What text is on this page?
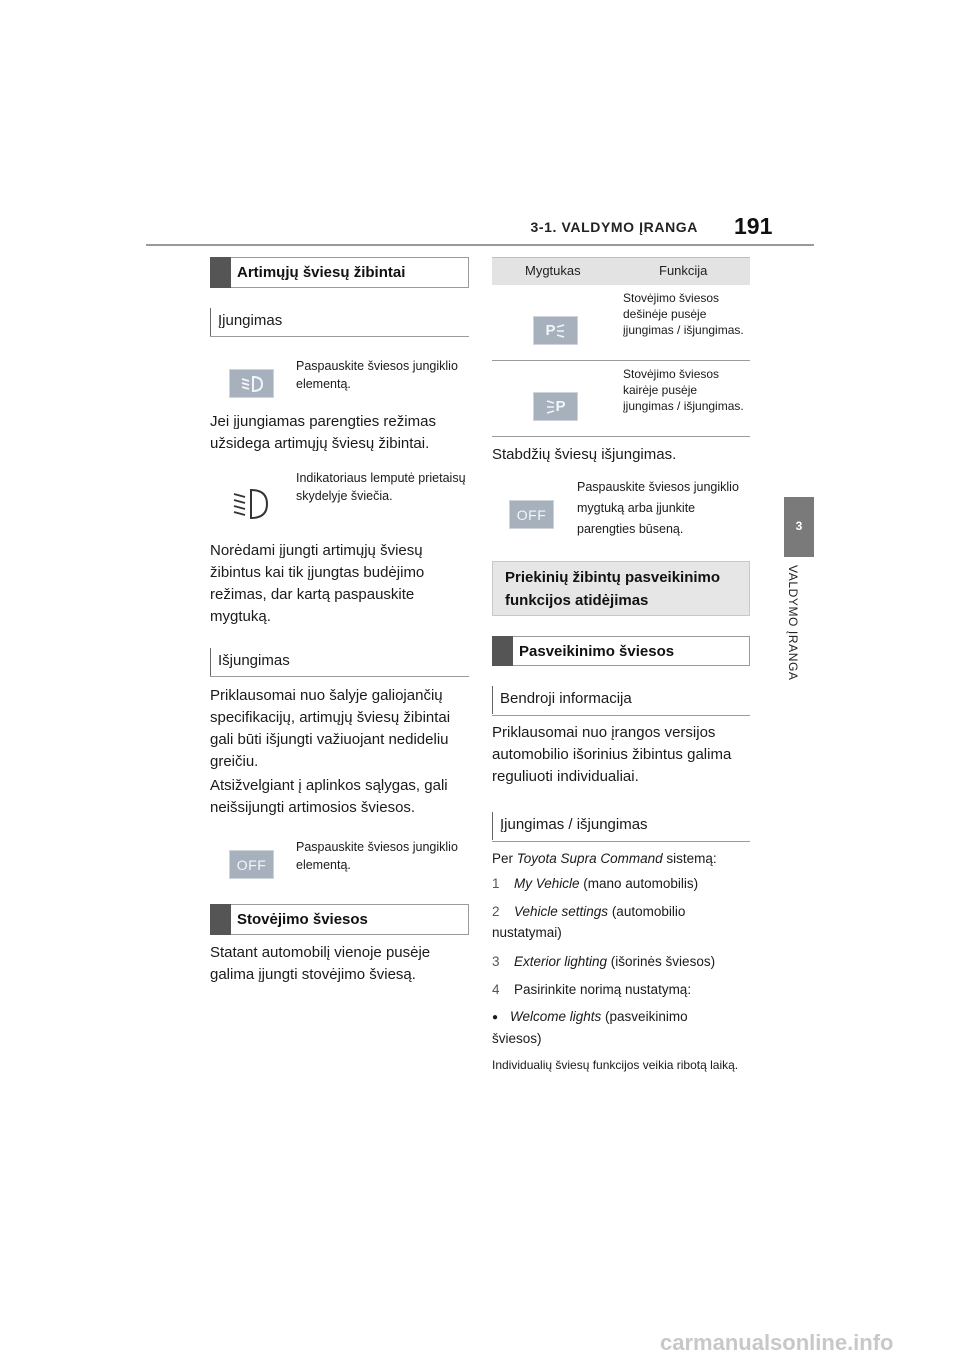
3-1. VALDYMO ĮRANGA 191
3
VALDYMO ĮRANGA
Artimųjų šviesų žibintai
Įjungimas
Paspauskite šviesos jungiklio elementą.
Jei įjungiamas parengties režimas užsidega artimųjų šviesų žibintai.
Indikatoriaus lemputė prietaisų skydelyje šviečia.
Norėdami įjungti artimųjų šviesų žibintus kai tik įjungtas budėjimo režimas, dar kartą paspauskite mygtuką.
Išjungimas
Priklausomai nuo šalyje galiojančių specifikacijų, artimųjų šviesų žibintai gali būti išjungti važiuojant nedideliu greičiu.
Atsižvelgiant į aplinkos sąlygas, gali neišsijungti artimosios šviesos.
OFF
Paspauskite šviesos jungiklio elementą.
Stovėjimo šviesos
Statant automobilį vienoje pusėje galima įjungti stovėjimo šviesą.
Mygtukas	Funkcija
P
Stovėjimo šviesos dešinėje pusėje įjungimas / išjungimas.
P
Stovėjimo šviesos kairėje pusėje įjungimas / išjungimas.
Stabdžių šviesų išjungimas.
OFF
Paspauskite šviesos jungiklio mygtuką arba įjunkite parengties būseną.
Priekinių žibintų pasveikinimo funkcijos atidėjimas
Pasveikinimo šviesos
Bendroji informacija
Priklausomai nuo įrangos versijos automobilio išorinius žibintus galima reguliuoti individualiai.
Įjungimas / išjungimas
Per Toyota Supra Command sistemą:
1 My Vehicle (mano automobilis)
2 Vehicle settings (automobilio nustatymai)
3 Exterior lighting (išorinės šviesos)
4 Pasirinkite norimą nustatymą:
● Welcome lights (pasveikinimo šviesos)
Individualių šviesų funkcijos veikia ribotą laiką.
carmanualsonline.info
